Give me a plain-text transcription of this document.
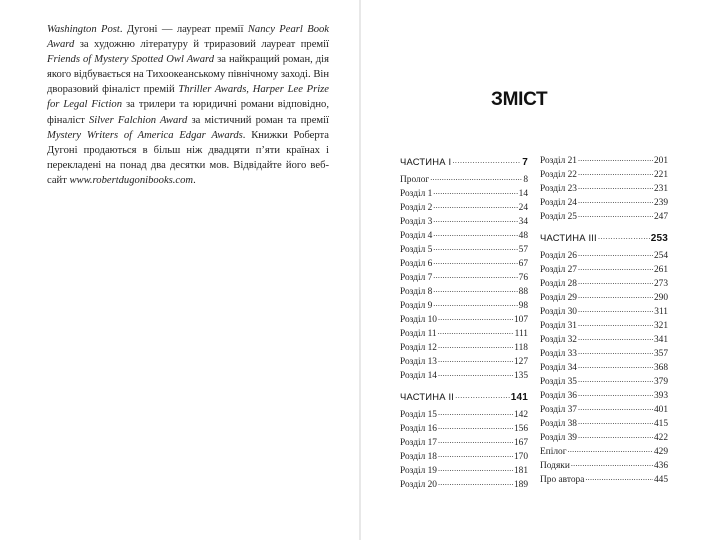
Washington Post. Дугоні — лауреат премії Nancy Pearl Book Award за художню літературу й триразовий лауреат премії Friends of Mystery Spotted Owl Award за найкращий роман, дія якого відбувається на Тихоокеанському північному заході. Він дворазовий фіналіст премій Thriller Awards, Harper Lee Prize for Legal Fiction за трилери та юридичні романи відповідно, фіналіст Silver Falchion Award за містичний роман та премії Mystery Writers of America Edgar Awards. Книжки Роберта Дугоні продаються в більш ніж двадцяти п’яти країнах і перекладені на понад два десятки мов. Відвідайте його веб-сайт www.robertdugonibooks.com.

ЗМІСТ
ЧАСТИНА I .....	7
Пролог .....	8
Розділ 1 .....	14
Розділ 2 .....	24
Розділ 3 .....	34
Розділ 4 .....	48
Розділ 5 .....	57
Розділ 6 .....	67
Розділ 7 .....	76
Розділ 8 .....	88
Розділ 9 .....	98
Розділ 10 .....	107
Розділ 11 .....	111
Розділ 12 .....	118
Розділ 13 .....	127
Розділ 14 .....	135
ЧАСТИНА II .....	141
Розділ 15 .....	142
Розділ 16 .....	156
Розділ 17 .....	167
Розділ 18 .....	170
Розділ 19 .....	181
Розділ 20 .....	189
Розділ 21 .....	201
Розділ 22 .....	221
Розділ 23 .....	231
Розділ 24 .....	239
Розділ 25 .....	247
ЧАСТИНА III .....	253
Розділ 26 .....	254
Розділ 27 .....	261
Розділ 28 .....	273
Розділ 29 .....	290
Розділ 30 .....	311
Розділ 31 .....	321
Розділ 32 .....	341
Розділ 33 .....	357
Розділ 34 .....	368
Розділ 35 .....	379
Розділ 36 .....	393
Розділ 37 .....	401
Розділ 38 .....	415
Розділ 39 .....	422
Епілог .....	429
Подяки .....	436
Про автора .....	445
